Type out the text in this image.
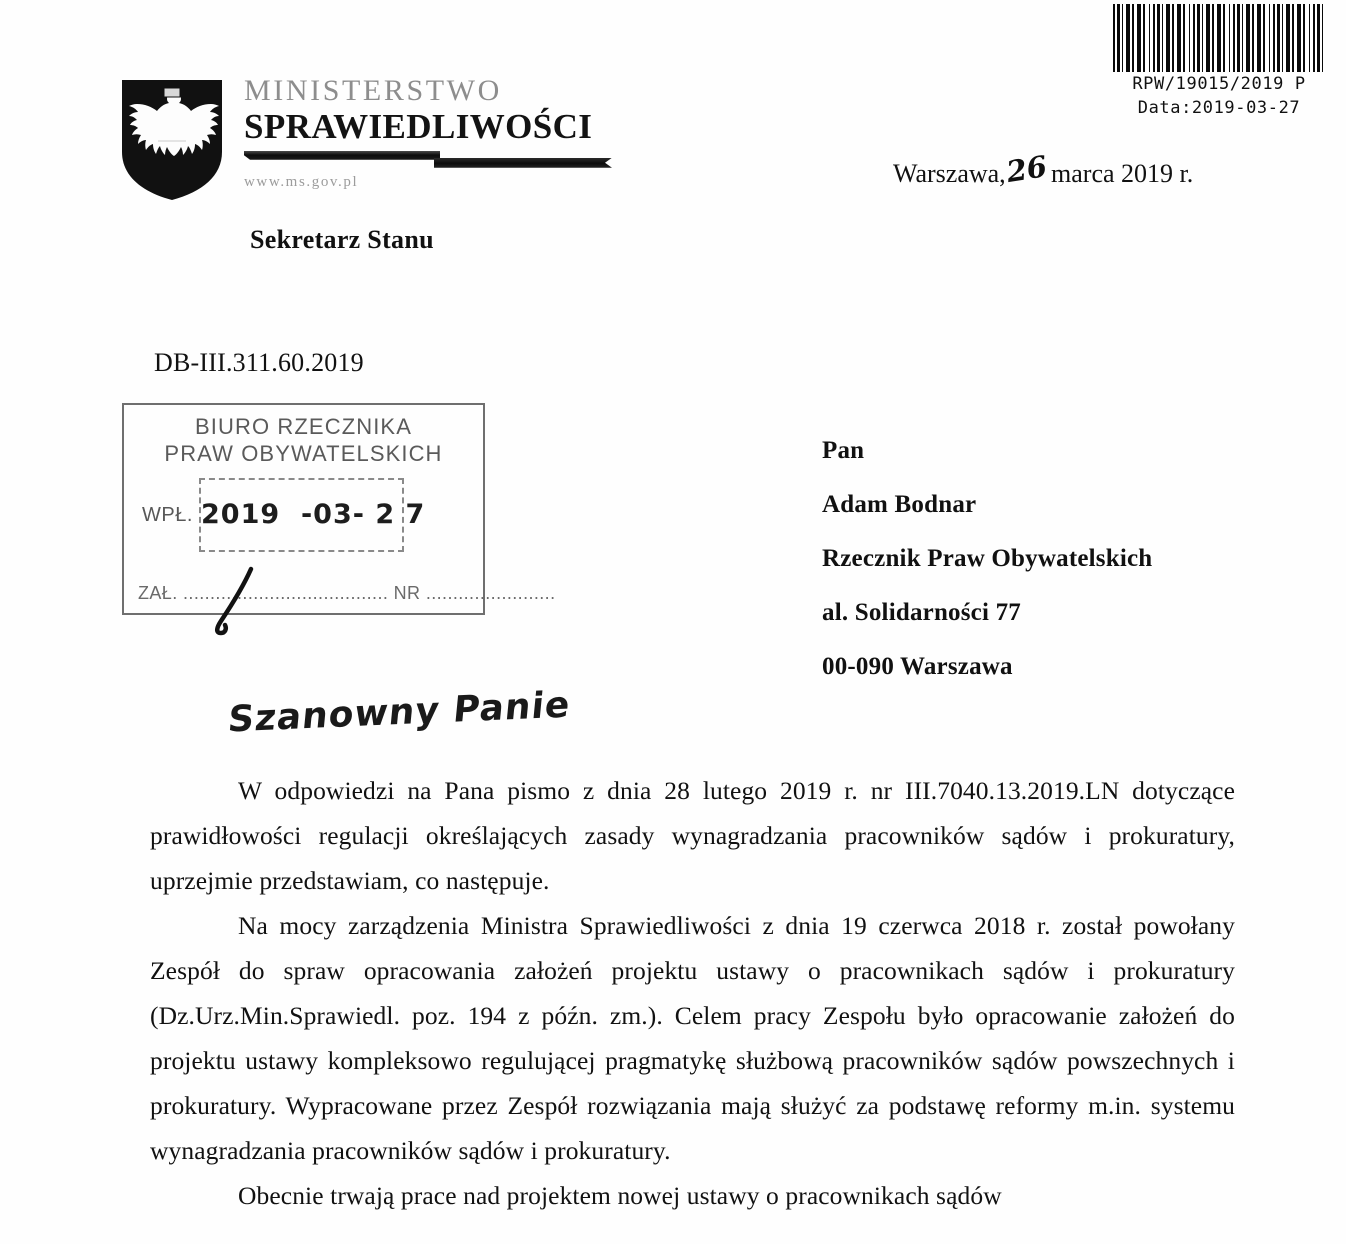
RPW/19015/2019 P
Data:2019-03-27
MINISTERSTWO
SPRAWIEDLIWOŚCI
www.ms.gov.pl	Warszawa,26marca 2019 r.
Sekretarz Stanu
DB-III.311.60.2019
BIURO RZECZNIKA
PRAW OBYWATELSKICH
WPŁ. 2019  -03- 2 7
ZAŁ. ...................................... NR ........................
Pan
Adam Bodnar
Rzecznik Praw Obywatelskich
al. Solidarności 77
00-090 Warszawa
Szanowny Panie

W odpowiedzi na Pana pismo z dnia 28 lutego 2019 r. nr III.7040.13.2019.LN dotyczące prawidłowości regulacji określających zasady wynagradzania pracowników sądów i prokuratury, uprzejmie przedstawiam, co następuje.

Na mocy zarządzenia Ministra Sprawiedliwości z dnia 19 czerwca 2018 r. został powołany Zespół do spraw opracowania założeń projektu ustawy o pracownikach sądów i prokuratury (Dz.Urz.Min.Sprawiedl. poz. 194 z późn. zm.). Celem pracy Zespołu było opracowanie założeń do projektu ustawy kompleksowo regulującej pragmatykę służbową pracowników sądów powszechnych i prokuratury. Wypracowane przez Zespół rozwiązania mają służyć za podstawę reformy m.in. systemu wynagradzania pracowników sądów i prokuratury.

Obecnie trwają prace nad projektem nowej ustawy o pracownikach sądów
